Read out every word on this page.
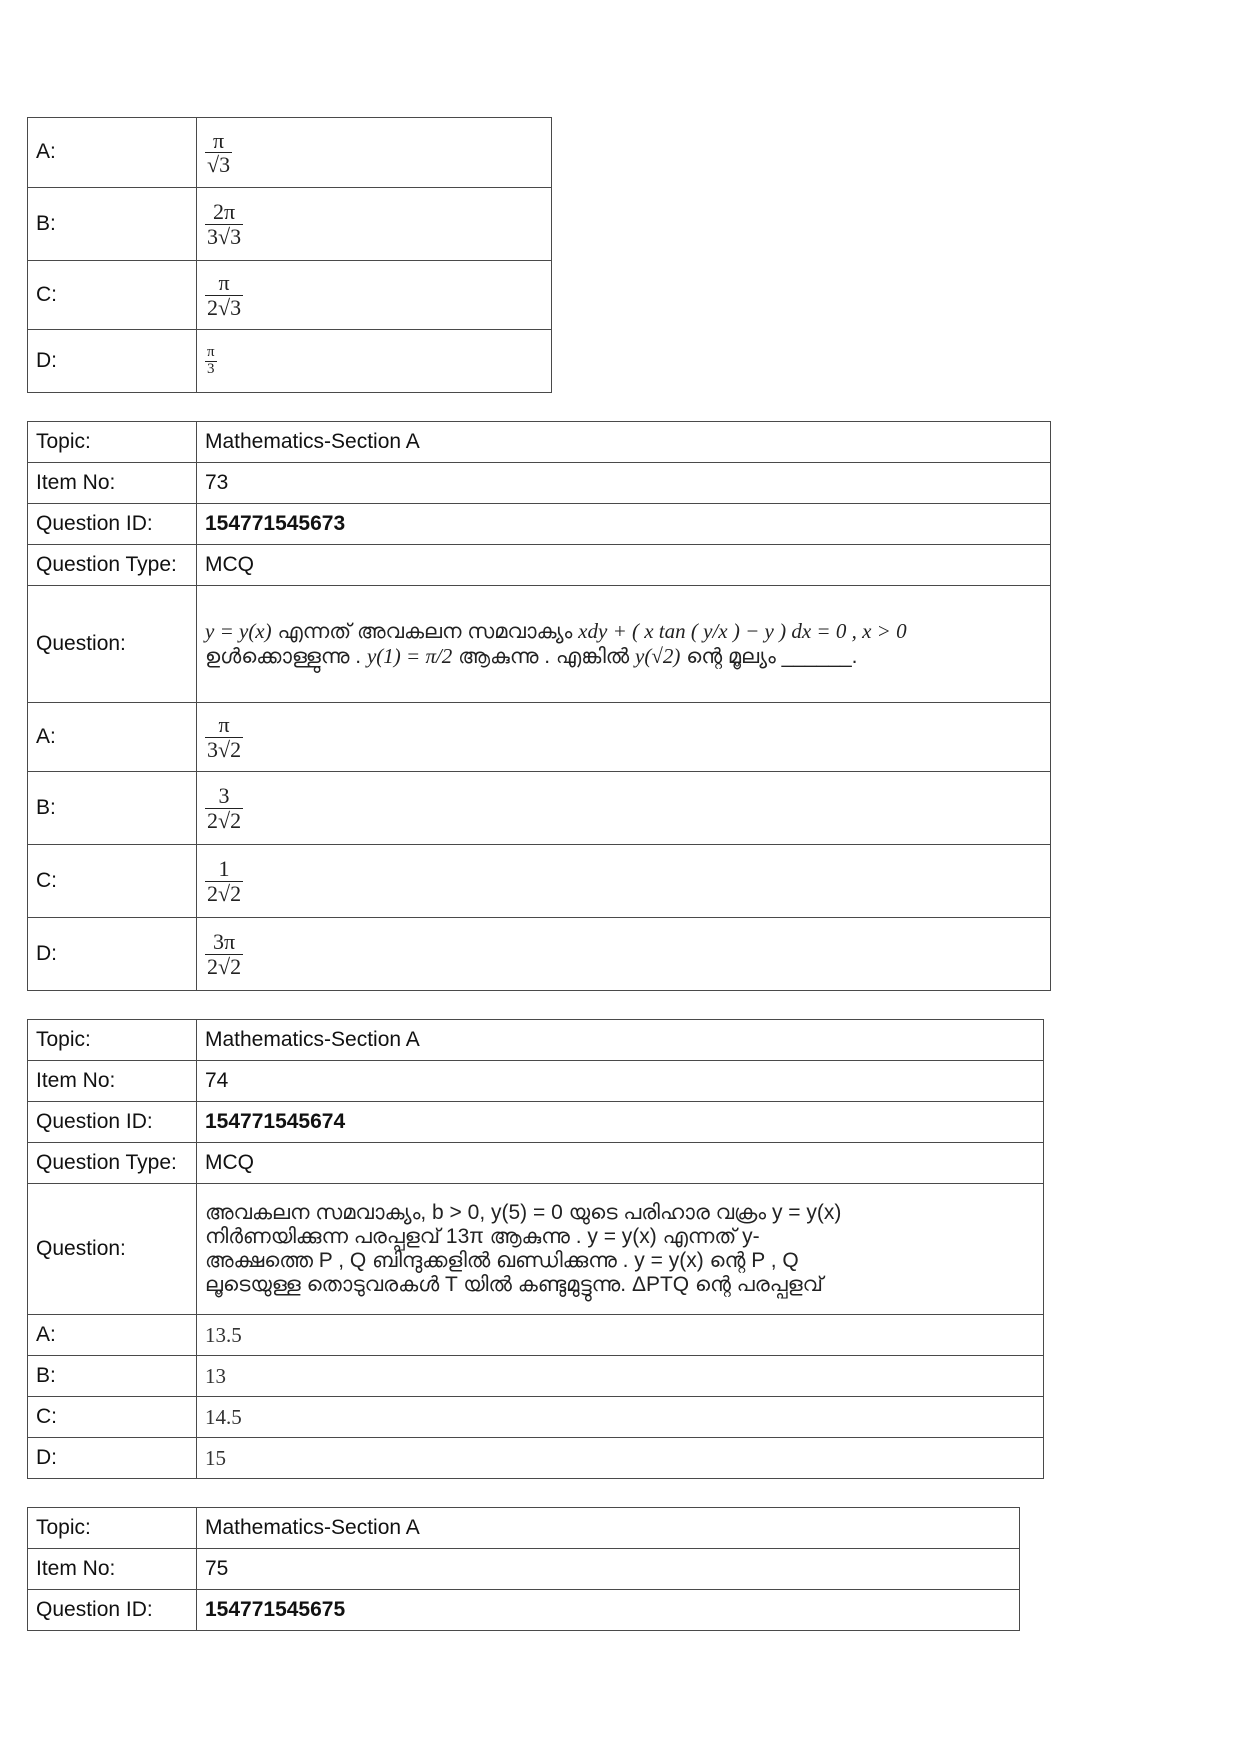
A:	$\frac{\pi}{√3}$

B:	$\frac{2\pi}{3√3}$

C:	$\frac{\pi}{2√3}$

D:	$\frac{\pi}{3}$
Topic:	Mathematics-Section A
Item No:	73
Question ID:	154771545673
Question Type:	MCQ
Question:	y = y(x) എന്നത് അവകലന സമവാക്യം xdy + ( x tan ( y/x ) − y ) dx = 0 , x > 0
ഉൾക്കൊള്ളുന്നു . y(1) = π/2 ആകുന്നു . എങ്കിൽ y(√2) ന്റെ മൂല്യം ______.

A:	$\frac{\pi}{3√2}$

B:	$\frac{3}{2√2}$

C:	$\frac{1}{2√2}$

D:	$\frac{3\pi}{2√2}$
Topic:	Mathematics-Section A
Item No:	74
Question ID:	154771545674
Question Type:	MCQ
Question:	അവകലന സമവാക്യം, b > 0, y(5) = 0 യുടെ പരിഹാര വക്രം y = y(x)
നിർണയിക്കുന്ന പരപ്പളവ് 13π ആകുന്നു . y = y(x) എന്നത് y-
അക്ഷത്തെ P , Q ബിന്ദുക്കളിൽ ഖണ്ഡിക്കുന്നു . y = y(x) ന്റെ P , Q
ലൂടെയുള്ള തൊടുവരകൾ T യിൽ കണ്ടുമുട്ടുന്നു. ΔPTQ ന്റെ പരപ്പളവ്

A:	13.5
B:	13
C:	14.5
D:	15
Topic:	Mathematics-Section A
Item No:	75
Question ID:	154771545675
